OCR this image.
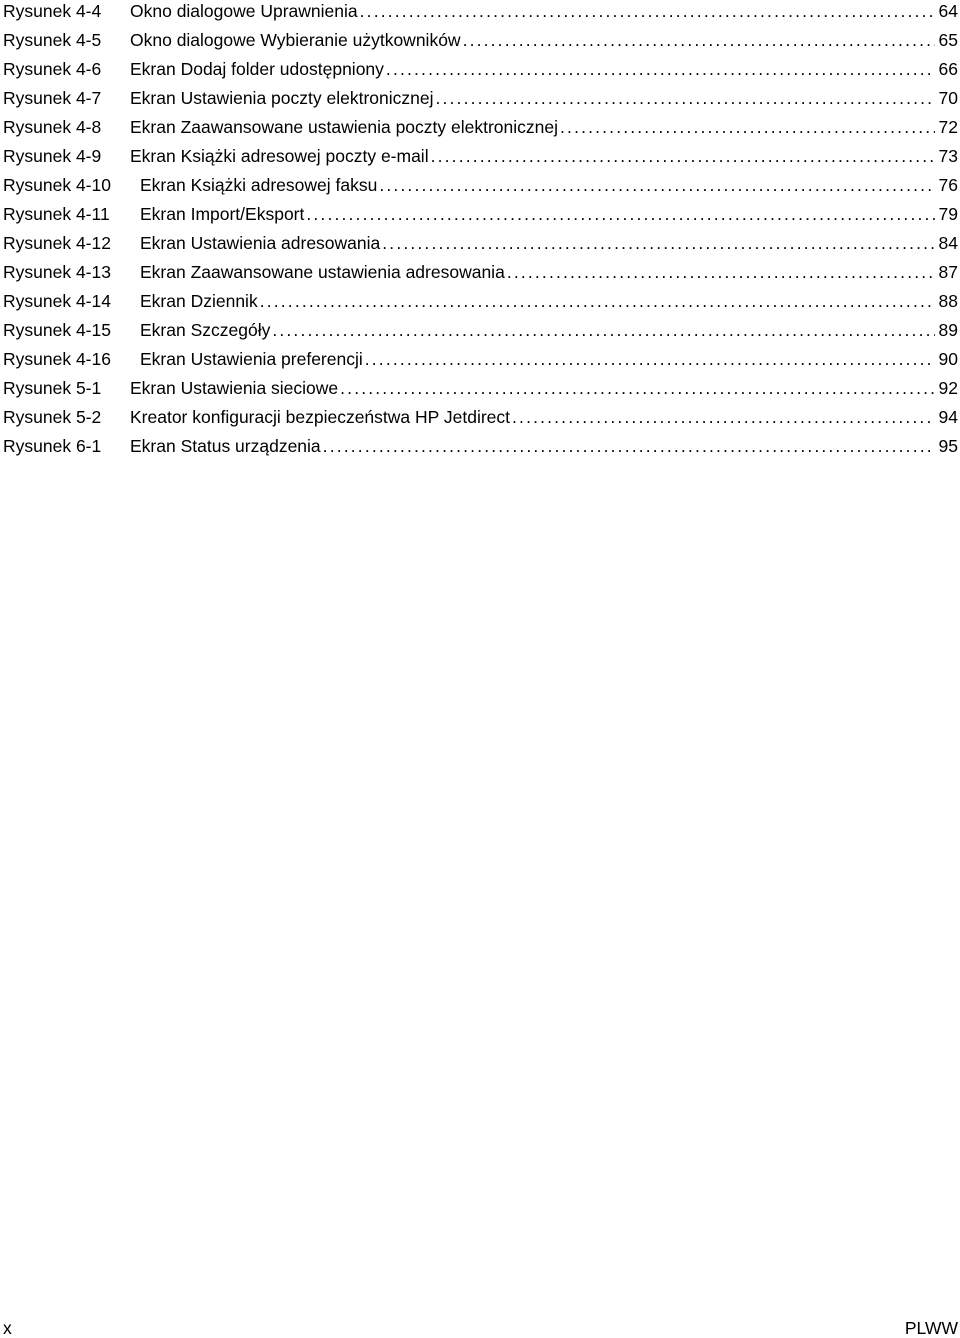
Rysunek 4-4 Okno dialogowe Uprawnienia . . .	64
Rysunek 4-5 Okno dialogowe Wybieranie użytkowników . . .	65
Rysunek 4-6 Ekran Dodaj folder udostępniony . . .	66
Rysunek 4-7 Ekran Ustawienia poczty elektronicznej . . .	70
Rysunek 4-8 Ekran Zaawansowane ustawienia poczty elektronicznej . . .	72
Rysunek 4-9 Ekran Książki adresowej poczty e-mail . . .	73
Rysunek 4-10 Ekran Książki adresowej faksu . . .	76
Rysunek 4-11 Ekran Import/Eksport . . .	79
Rysunek 4-12 Ekran Ustawienia adresowania . . .	84
Rysunek 4-13 Ekran Zaawansowane ustawienia adresowania . . .	87
Rysunek 4-14 Ekran Dziennik . . .	88
Rysunek 4-15 Ekran Szczegóły . . .	89
Rysunek 4-16 Ekran Ustawienia preferencji . . .	90
Rysunek 5-1 Ekran Ustawienia sieciowe . . .	92
Rysunek 5-2 Kreator konfiguracji bezpieczeństwa HP Jetdirect . . .	94
Rysunek 6-1 Ekran Status urządzenia . . .	95
x	PLWW
